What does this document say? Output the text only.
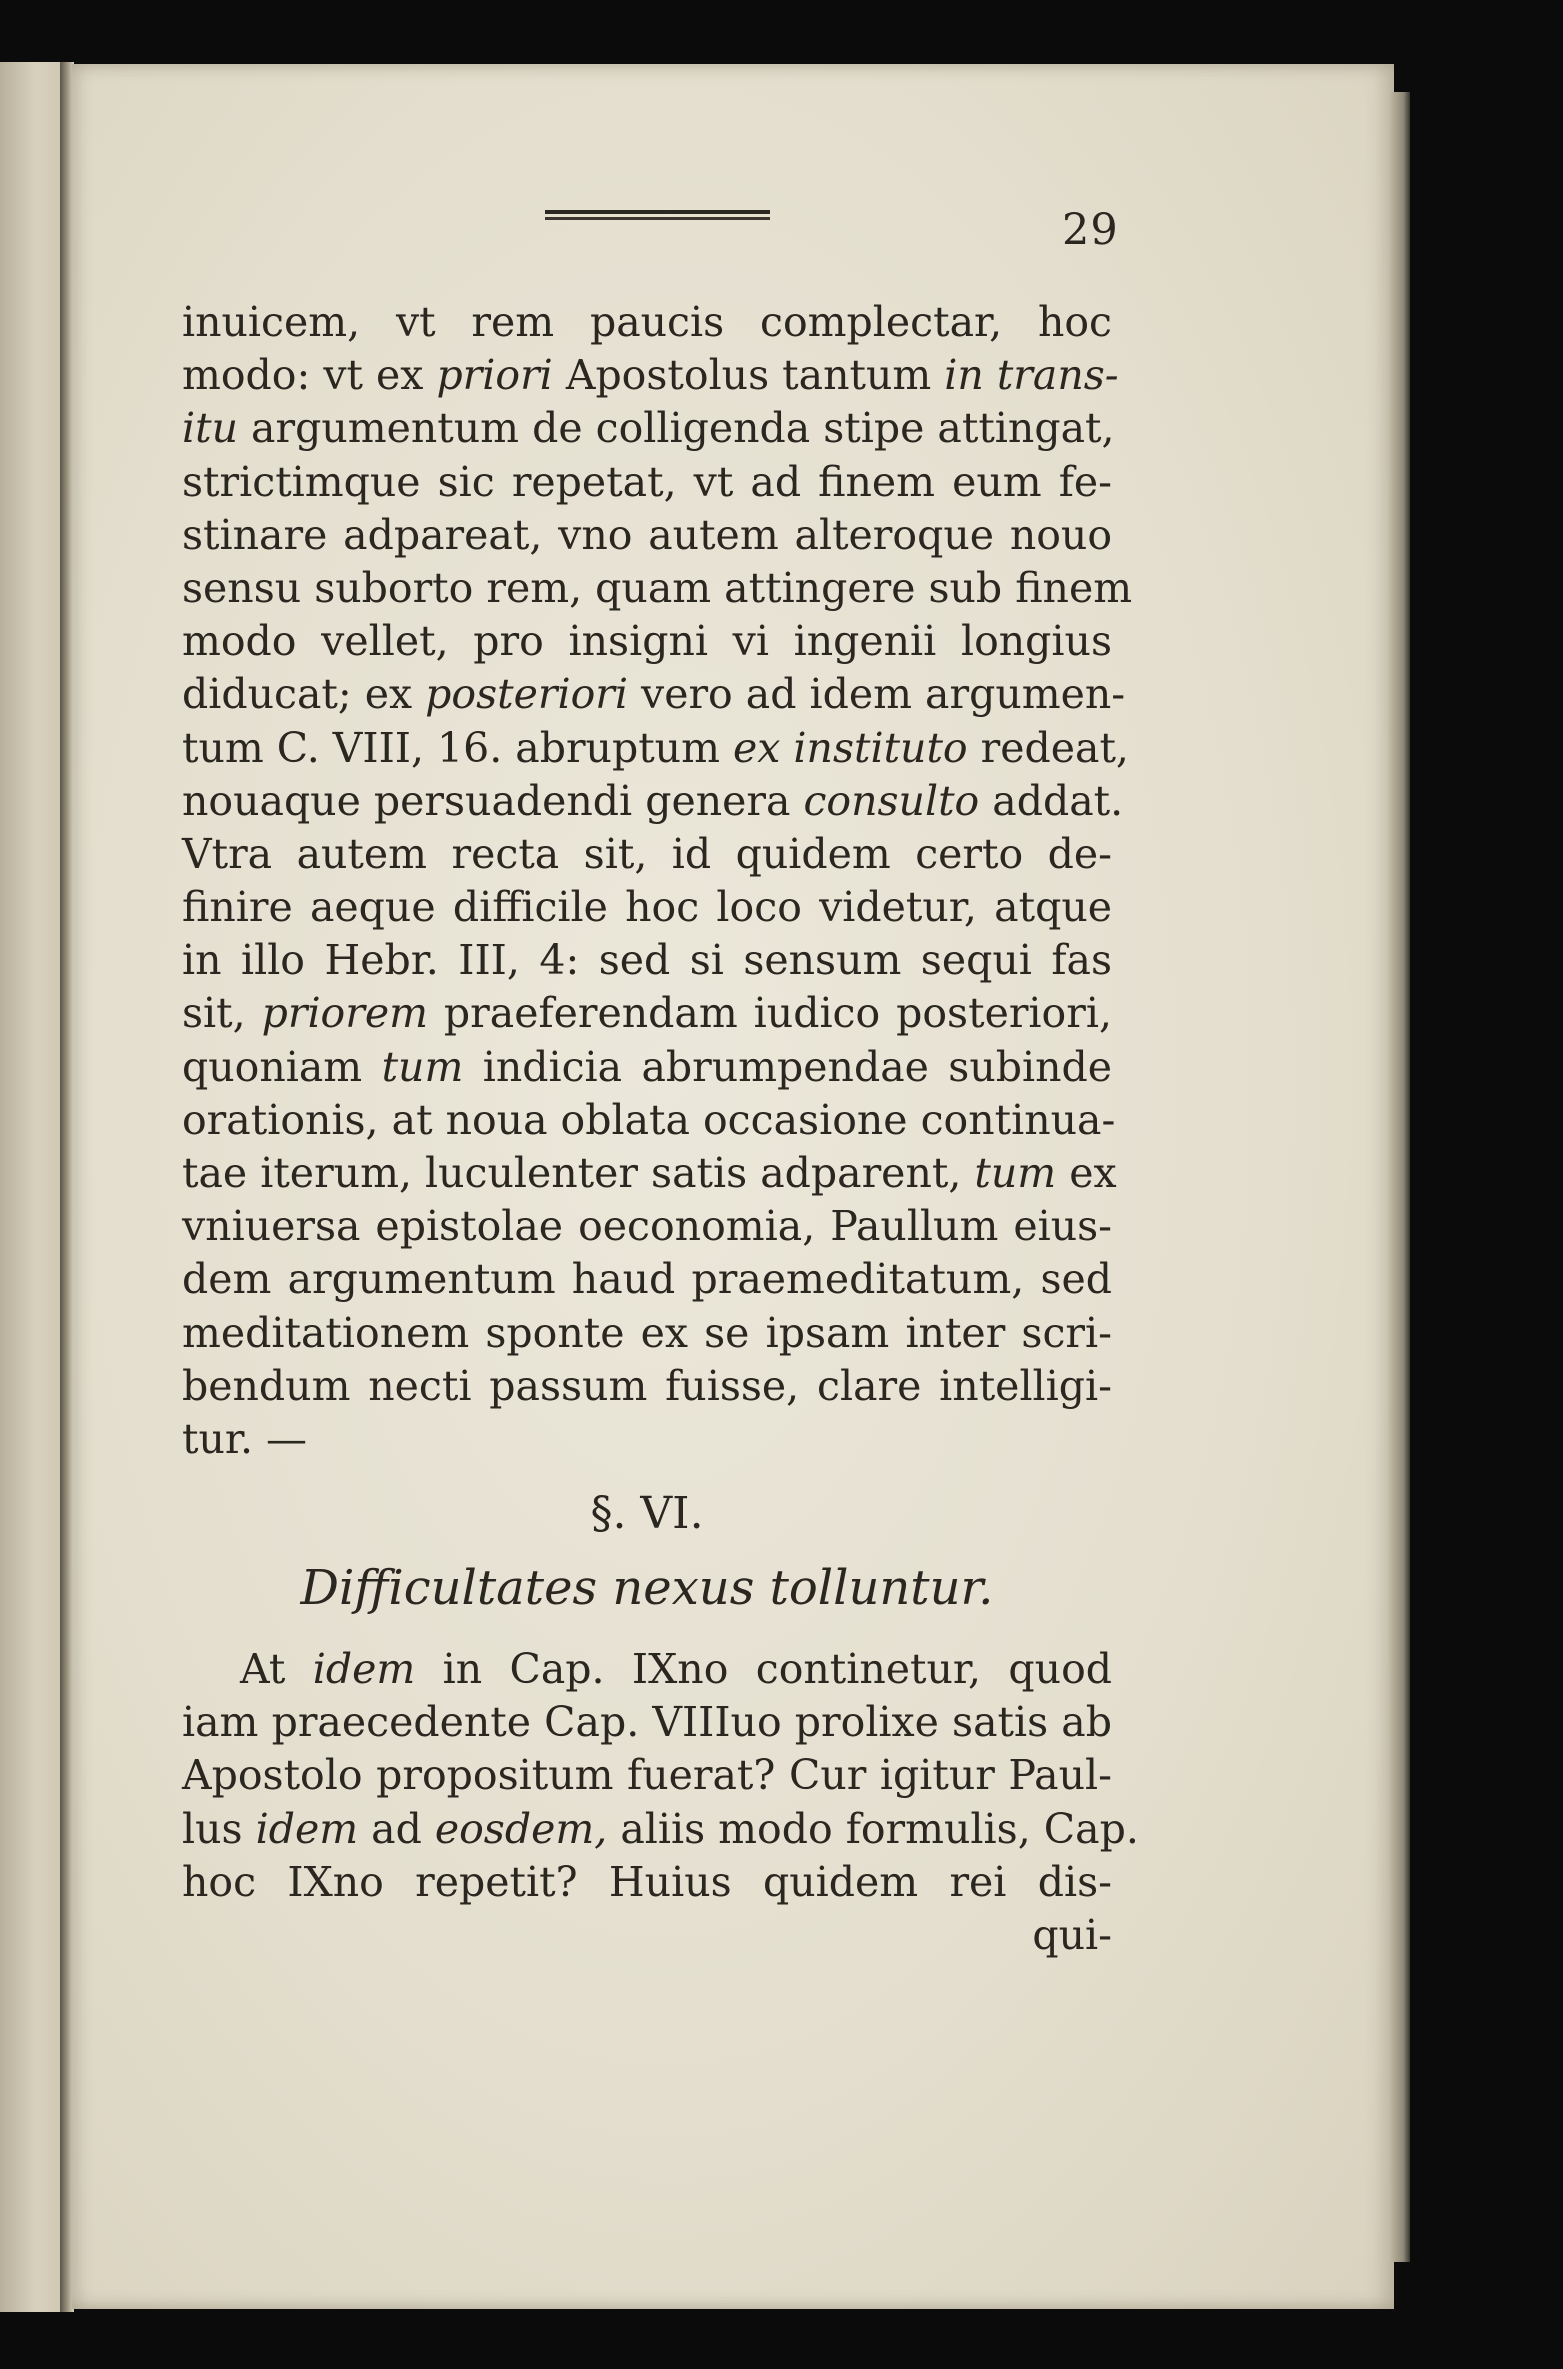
29
inuicem, vt rem paucis complectar, hoc
modo: vt ex priori Apostolus tantum in trans-
itu argumentum de colligenda stipe attingat,
strictimque sic repetat, vt ad finem eum fe-
stinare adpareat, vno autem alteroque nouo
sensu suborto rem, quam attingere sub finem
modo vellet, pro insigni vi ingenii longius
diducat; ex posteriori vero ad idem argumen-
tum C. VIII, 16. abruptum ex instituto redeat,
nouaque persuadendi genera consulto addat.
Vtra autem recta sit, id quidem certo de-
finire aeque difficile hoc loco videtur, atque
in illo Hebr. III, 4: sed si sensum sequi fas
sit, priorem praeferendam iudico posteriori,
quoniam tum indicia abrumpendae subinde
orationis, at noua oblata occasione continua-
tae iterum, luculenter satis adparent, tum ex
vniuersa epistolae oeconomia, Paullum eius-
dem argumentum haud praemeditatum, sed
meditationem sponte ex se ipsam inter scri-
bendum necti passum fuisse, clare intelligi-
tur. —
§. VI.
Difficultates nexus tolluntur.
At idem in Cap. IXno continetur, quod
iam praecedente Cap. VIIIuo prolixe satis ab
Apostolo propositum fuerat? Cur igitur Paul-
lus idem ad eosdem, aliis modo formulis, Cap.
hoc IXno repetit? Huius quidem rei dis-
qui-
